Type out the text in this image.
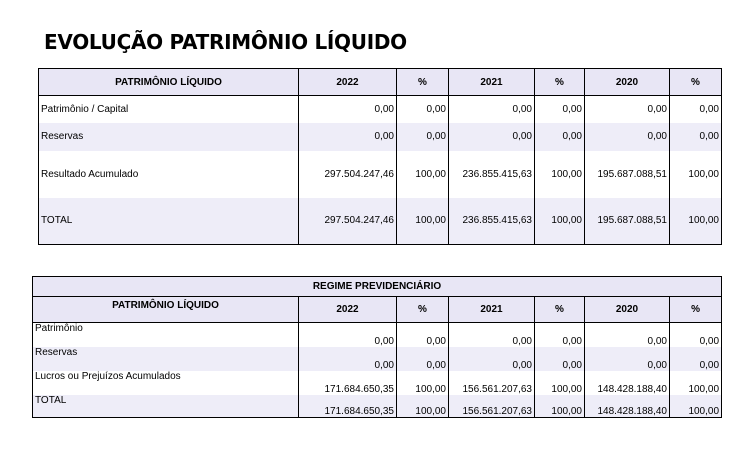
EVOLUÇÃO PATRIMÔNIO LÍQUIDO
PATRIMÔNIO LÍQUIDO	2022	%	2021	%	2020	%
Patrimônio / Capital	0,00	0,00	0,00	0,00	0,00	0,00
Reservas	0,00	0,00	0,00	0,00	0,00	0,00
Resultado Acumulado	297.504.247,46	100,00	236.855.415,63	100,00	195.687.088,51	100,00
TOTAL	297.504.247,46	100,00	236.855.415,63	100,00	195.687.088,51	100,00
REGIME PREVIDENCIÁRIO						
PATRIMÔNIO LÍQUIDO	2022	%	2021	%	2020	%
Patrimônio	0,00	0,00	0,00	0,00	0,00	0,00
Reservas	0,00	0,00	0,00	0,00	0,00	0,00
Lucros ou Prejuízos Acumulados	171.684.650,35	100,00	156.561.207,63	100,00	148.428.188,40	100,00
TOTAL	171.684.650,35	100,00	156.561.207,63	100,00	148.428.188,40	100,00
